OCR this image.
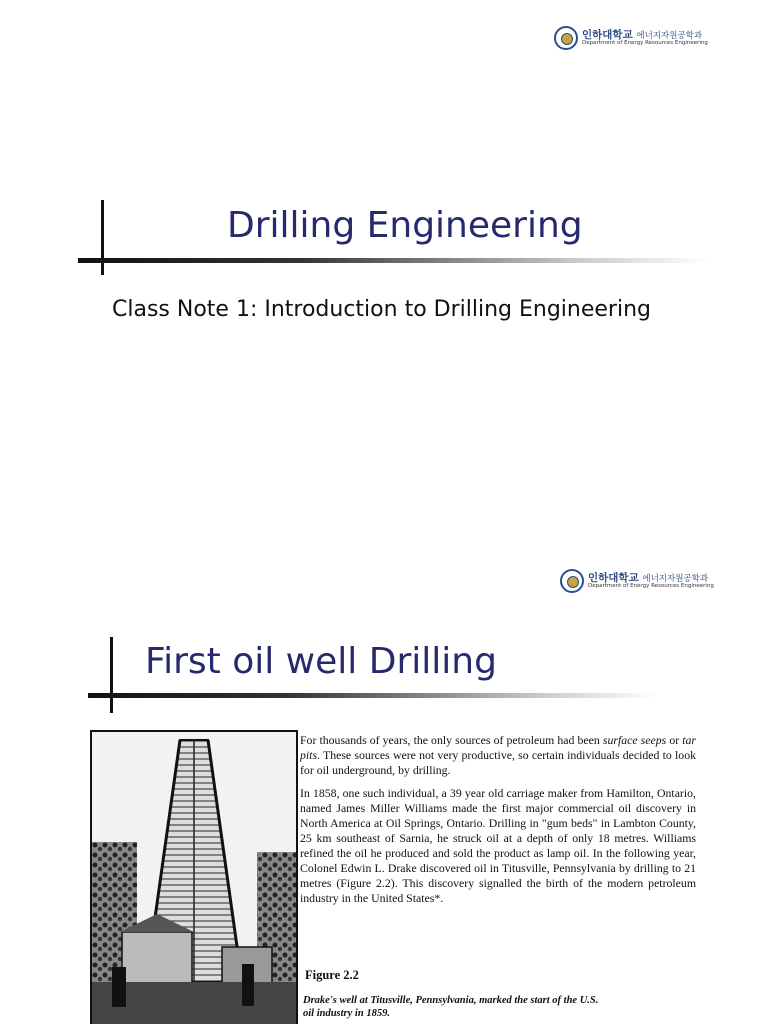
인하대학교 에너지자원공학과
Department of Energy Resources Engineering
Drilling Engineering
Class Note 1: Introduction to Drilling Engineering
인하대학교 에너지자원공학과
Department of Energy Resources Engineering
First oil well Drilling

For thousands of years, the only sources of petroleum had been surface seeps or tar pits. These sources were not very productive, so certain individuals decided to look for oil underground, by drilling.

In 1858, one such individual, a 39 year old carriage maker from Hamilton, Ontario, named James Miller Williams made the first major commercial oil discovery in North America at Oil Springs, Ontario. Drilling in "gum beds" in Lambton County, 25 km southeast of Sarnia, he struck oil at a depth of only 18 metres. Williams refined the oil he produced and sold the product as lamp oil. In the following year, Colonel Edwin L. Drake discovered oil in Titusville, Pennsylvania by drilling to 21 metres (Figure 2.2). This discovery signalled the birth of the modern petroleum industry in the United States*.

Figure 2.2
Drake's well at Titusville, Pennsylvania, marked the start of the U.S. oil industry in 1859.
